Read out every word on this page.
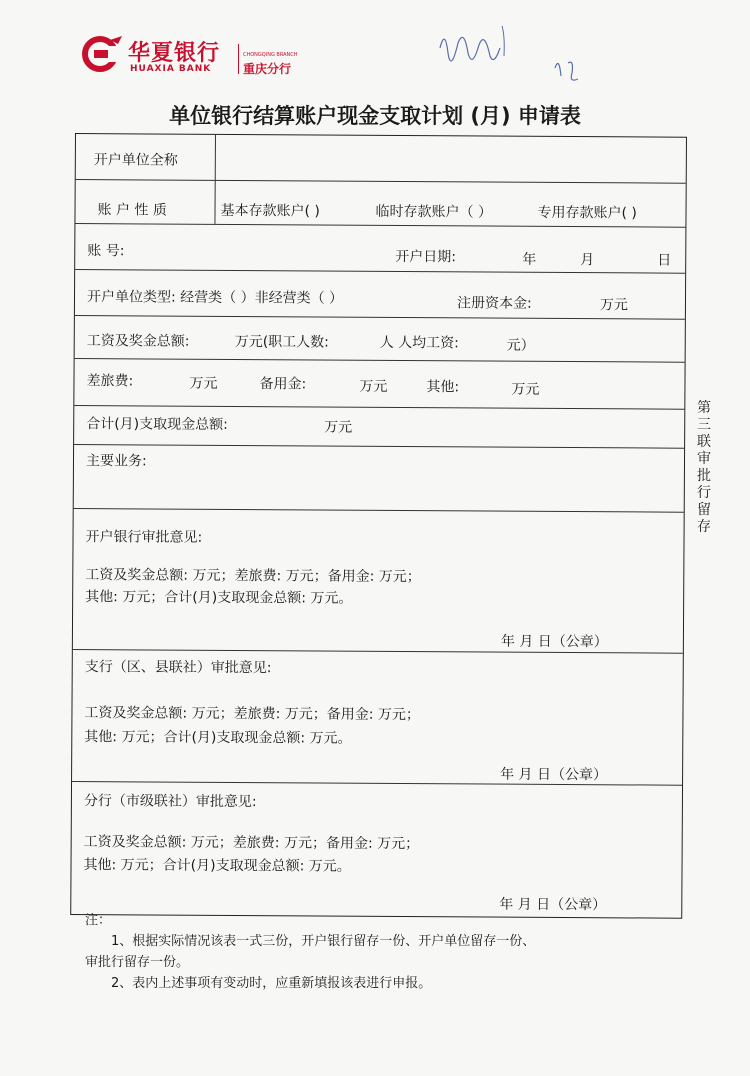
华夏银行
HUAXIA BANK
CHONGQING BRANCH
重庆分行
单位银行结算账户现金支取计划 (月) 申请表
开户单位全称
账 户 性 质	基本存款账户( )	临时存款账户（ ）	专用存款账户( )
账 号:	开户日期:	年	月	日
开户单位类型: 经营类（ ）非经营类（ ）	注册资本金:	万元
工资及奖金总额:	万元(职工人数:	人 人均工资:	元）
差旅费:	万元	备用金:	万元	其他:	万元
合计(月)支取现金总额:	万元
主要业务:
开户银行审批意见:
工资及奖金总额: 万元；差旅费: 万元；备用金: 万元；
其他: 万元；合计(月)支取现金总额: 万元。
年 月 日（公章）
支行（区、县联社）审批意见:
工资及奖金总额: 万元；差旅费: 万元；备用金: 万元；
其他: 万元；合计(月)支取现金总额: 万元。
年 月 日（公章）
分行（市级联社）审批意见:
工资及奖金总额: 万元；差旅费: 万元；备用金: 万元；
其他: 万元；合计(月)支取现金总额: 万元。
年 月 日（公章）
第三联 审批行留存
注：
　　1、根据实际情况该表一式三份，开户银行留存一份、开户单位留存一份、
审批行留存一份。
　　2、表内上述事项有变动时，应重新填报该表进行申报。
